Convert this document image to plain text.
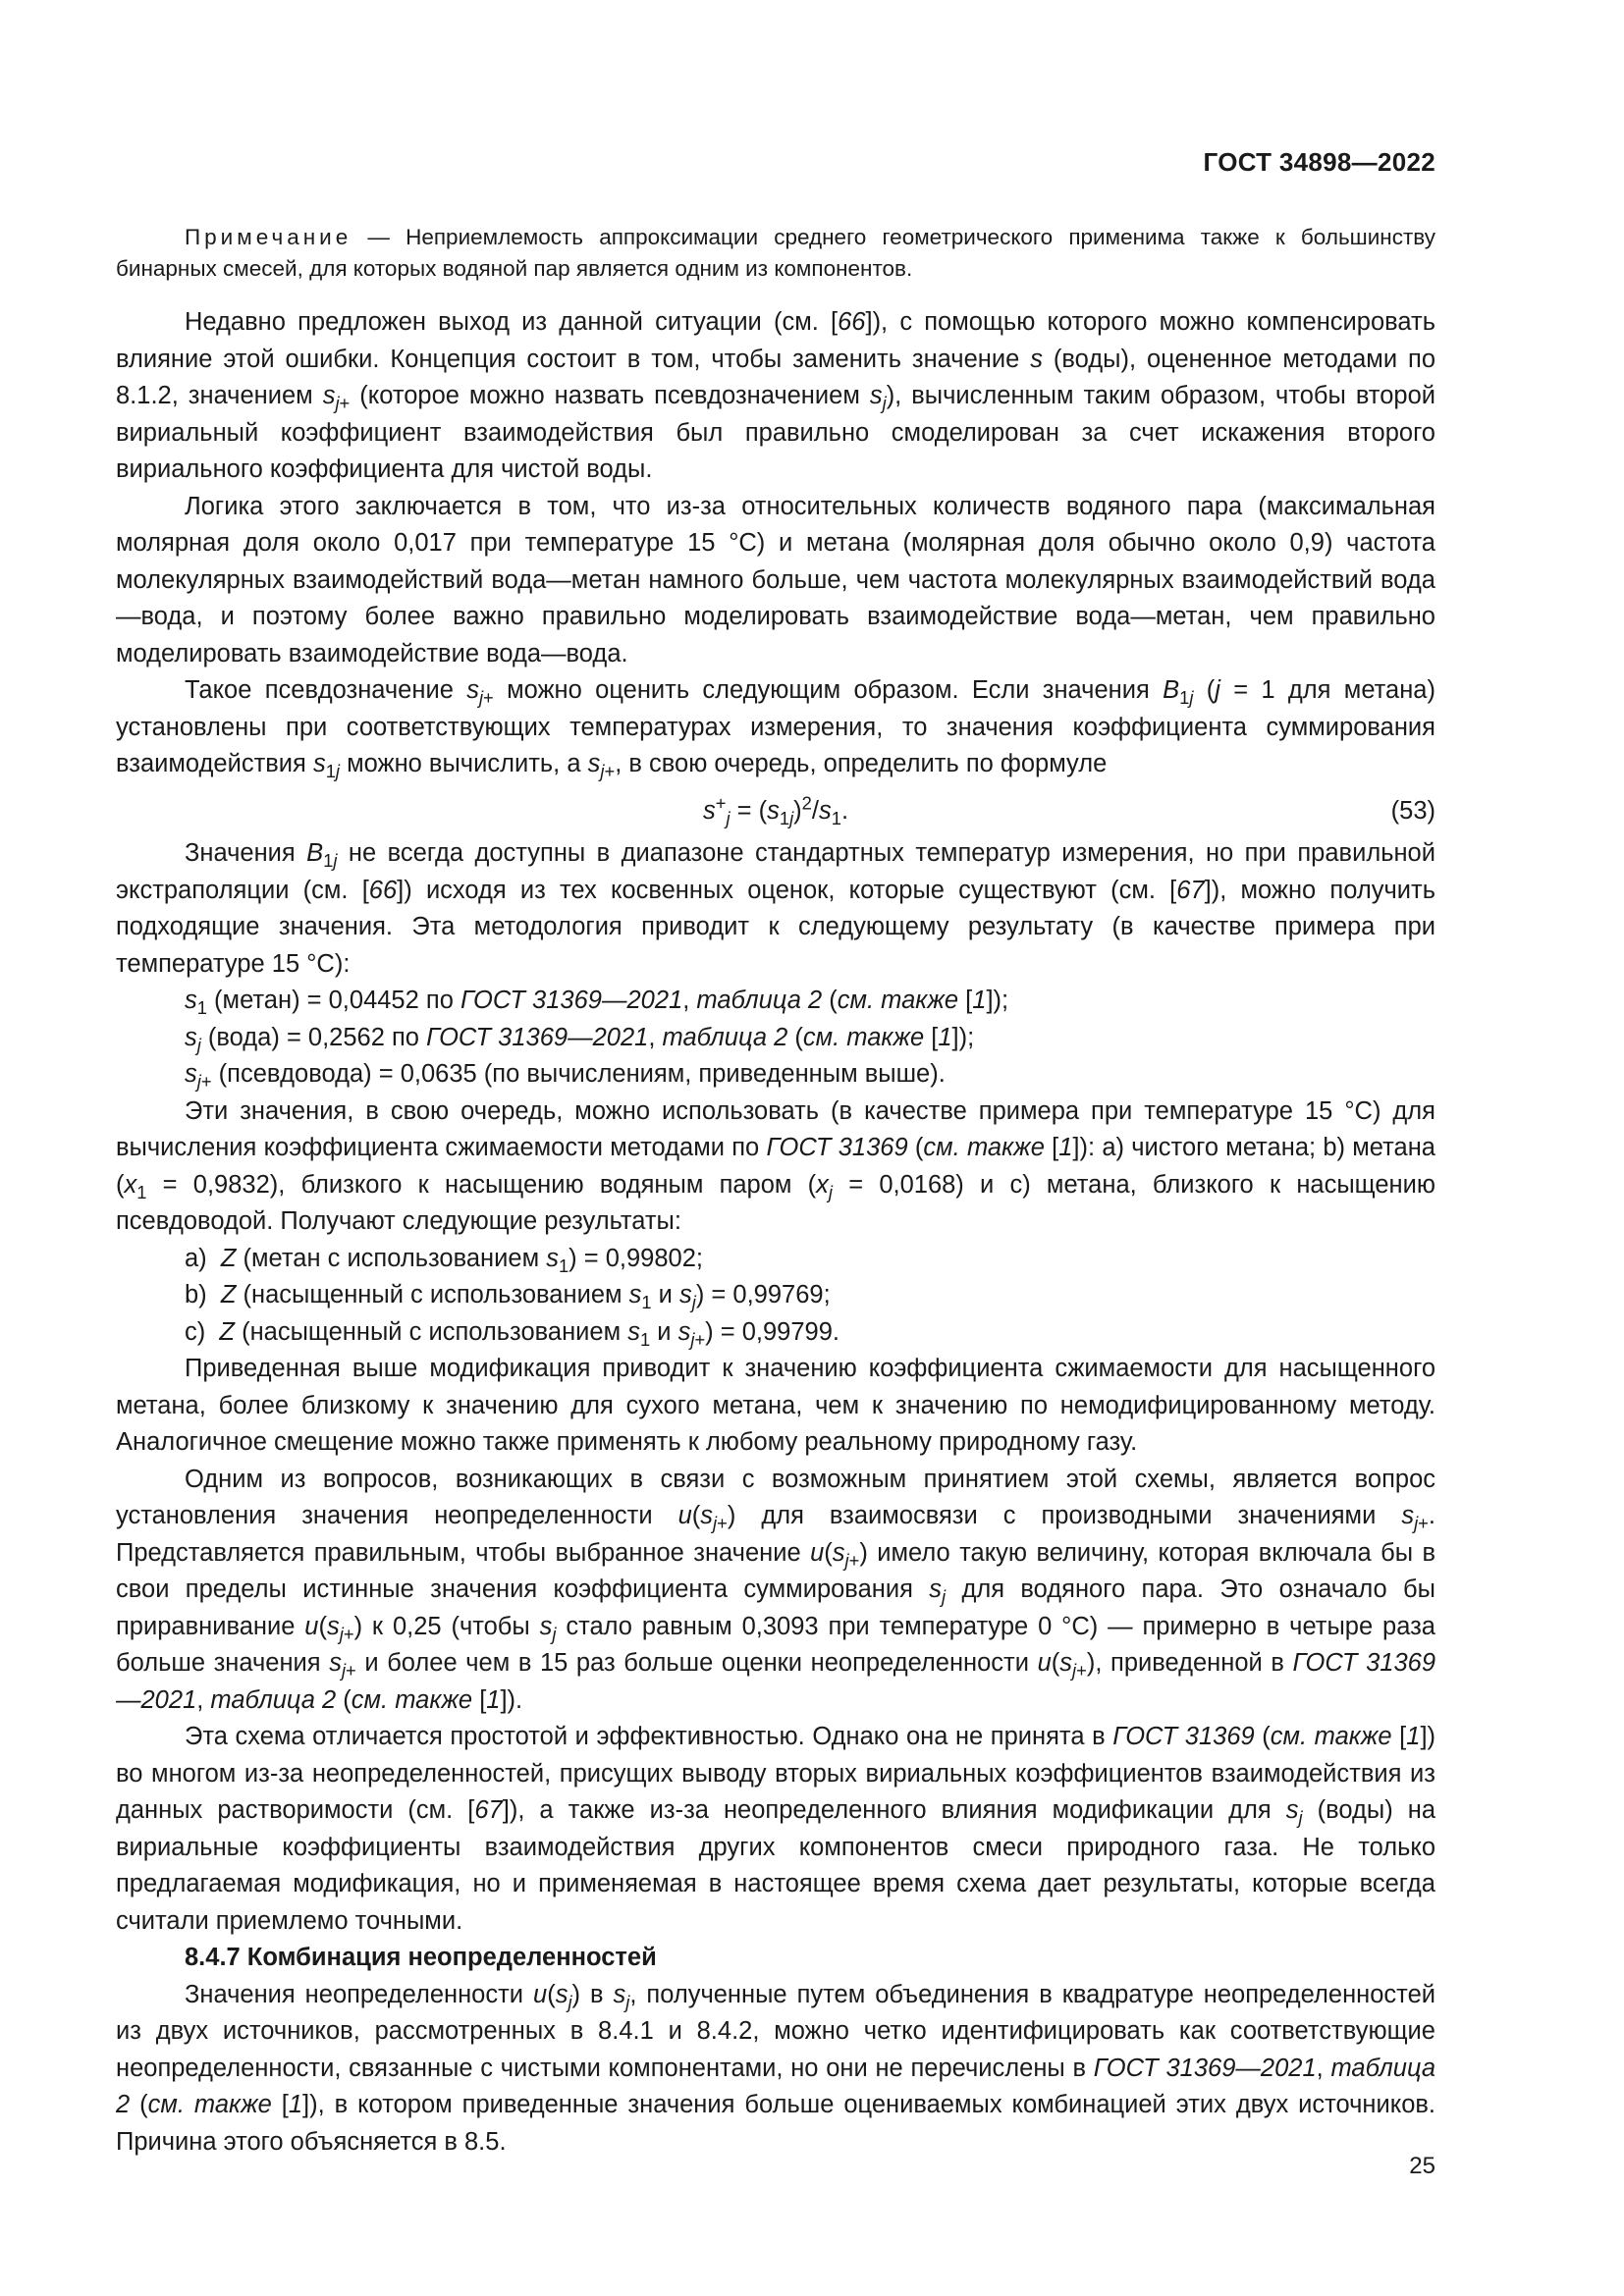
ГОСТ 34898—2022

Примечание — Неприемлемость аппроксимации среднего геометрического применима также к большинству бинарных смесей, для которых водяной пар является одним из компонентов.

Недавно предложен выход из данной ситуации (см. [66]), с помощью которого можно компенсировать влияние этой ошибки. Концепция состоит в том, чтобы заменить значение s (воды), оцененное методами по 8.1.2, значением $s_{j+}$ (которое можно назвать псевдозначением $s_j$), вычисленным таким образом, чтобы второй вириальный коэффициент взаимодействия был правильно смоделирован за счет искажения второго вириального коэффициента для чистой воды.

Логика этого заключается в том, что из-за относительных количеств водяного пара (максимальная молярная доля около 0,017 при температуре 15 °С) и метана (молярная доля обычно около 0,9) частота молекулярных взаимодействий вода—метан намного больше, чем частота молекулярных взаимодействий вода—вода, и поэтому более важно правильно моделировать взаимодействие вода—метан, чем правильно моделировать взаимодействие вода—вода.

Такое псевдозначение $s_{j+}$ можно оценить следующим образом. Если значения $B_{1j}$ (j = 1 для метана) установлены при соответствующих температурах измерения, то значения коэффициента суммирования взаимодействия $s_{1j}$ можно вычислить, а $s_{j+}$, в свою очередь, определить по формуле

$s^+_j = (s_{1j})^2/s_1$.	(53)

Значения $B_{1j}$ не всегда доступны в диапазоне стандартных температур измерения, но при правильной экстраполяции (см. [66]) исходя из тех косвенных оценок, которые существуют (см. [67]), можно получить подходящие значения. Эта методология приводит к следующему результату (в качестве примера при температуре 15 °С):

$s_1$ (метан) = 0,04452 по ГОСТ 31369—2021, таблица 2 (см. также [1]);

$s_j$ (вода) = 0,2562 по ГОСТ 31369—2021, таблица 2 (см. также [1]);

$s_{j+}$ (псевдовода) = 0,0635 (по вычислениям, приведенным выше).

Эти значения, в свою очередь, можно использовать (в качестве примера при температуре 15 °С) для вычисления коэффициента сжимаемости методами по ГОСТ 31369 (см. также [1]): а) чистого метана; b) метана $(x_1 = 0,9832)$, близкого к насыщению водяным паром $(x_j = 0,0168)$ и с) метана, близкого к насыщению псевдоводой. Получают следующие результаты:

а)  Z (метан с использованием $s_1) = 0,99802$;

b)  Z (насыщенный с использованием $s_1$ и $s_j) = 0,99769$;

c)  Z (насыщенный с использованием $s_1$ и $s_{j+}) = 0,99799$.

Приведенная выше модификация приводит к значению коэффициента сжимаемости для насыщенного метана, более близкому к значению для сухого метана, чем к значению по немодифицированному методу. Аналогичное смещение можно также применять к любому реальному природному газу.

Одним из вопросов, возникающих в связи с возможным принятием этой схемы, является вопрос установления значения неопределенности $u(s_{j+})$ для взаимосвязи с производными значениями $s_{j+}$. Представляется правильным, чтобы выбранное значение $u(s_{j+})$ имело такую величину, которая включала бы в свои пределы истинные значения коэффициента суммирования $s_j$ для водяного пара. Это означало бы приравнивание $u(s_{j+})$ к 0,25 (чтобы $s_j$ стало равным 0,3093 при температуре 0 °С) — примерно в четыре раза больше значения $s_{j+}$ и более чем в 15 раз больше оценки неопределенности $u(s_{j+})$, приведенной в ГОСТ 31369—2021, таблица 2 (см. также [1]).

Эта схема отличается простотой и эффективностью. Однако она не принята в ГОСТ 31369 (см. также [1]) во многом из-за неопределенностей, присущих выводу вторых вириальных коэффициентов взаимодействия из данных растворимости (см. [67]), а также из-за неопределенного влияния модификации для $s_j$ (воды) на вириальные коэффициенты взаимодействия других компонентов смеси природного газа. Не только предлагаемая модификация, но и применяемая в настоящее время схема дает результаты, которые всегда считали приемлемо точными.

8.4.7 Комбинация неопределенностей

Значения неопределенности $u(s_j)$ в $s_j$, полученные путем объединения в квадратуре неопределенностей из двух источников, рассмотренных в 8.4.1 и 8.4.2, можно четко идентифицировать как соответствующие неопределенности, связанные с чистыми компонентами, но они не перечислены в ГОСТ 31369—2021, таблица 2 (см. также [1]), в котором приведенные значения больше оцениваемых комбинацией этих двух источников. Причина этого объясняется в 8.5.

25
